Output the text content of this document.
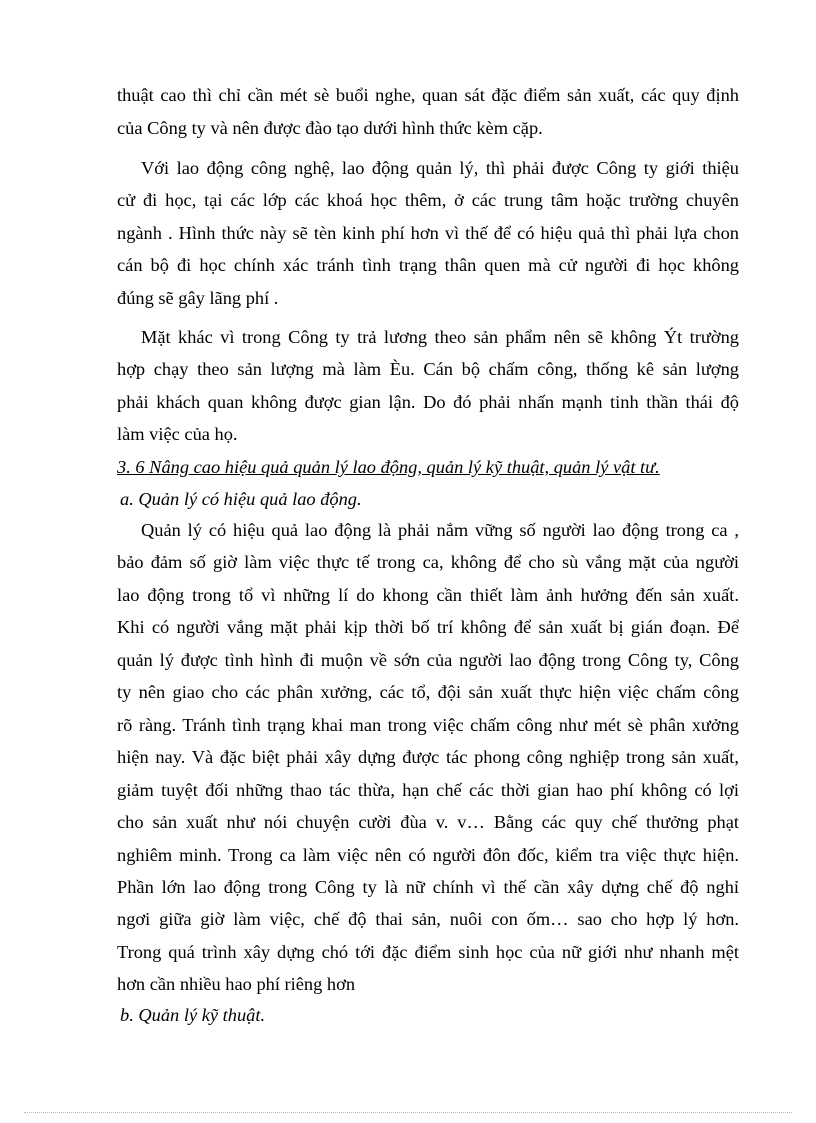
thuật cao thì chỉ cần mét sè buổi nghe, quan sát đặc điểm sản xuất, các quy định
của Công ty và nên được đào tạo dưới hình thức kèm cặp.
Với lao động công nghệ, lao động quản lý, thì phải được Công ty giới thiệu
cử đi học, tại các lớp các khoá học thêm, ở các trung tâm hoặc trường chuyên
ngành . Hình thức này sẽ tèn kinh phí hơn vì thế để có hiệu quả thì phải lựa chon
cán bộ đi học chính xác tránh tình trạng thân quen mà cử người đi học không
đúng sẽ gây lãng phí .
Mặt khác vì trong Công ty trả lương theo sản phẩm nên sẽ không Ýt trường
hợp chạy theo sản lượng mà làm Èu. Cán bộ chấm công, thống kê sản lượng
phải khách quan không được gian lận. Do đó phải nhấn mạnh tinh thần thái độ
làm việc của họ.
3. 6 Nâng cao hiệu quả quản lý lao động, quản lý kỹ thuật, quản lý vật tư.
a. Quản lý có hiệu quả lao động.
Quản lý có hiệu quả lao động là phải nắm vững số người lao động trong ca ,
bảo đảm số giờ làm việc thực tế trong ca, không để cho sù vắng mặt của người
lao động trong tổ vì những lí do khong cần thiết làm ảnh hưởng đến sản xuất.
Khi có người vắng mặt phải kịp thời bố trí không để sản xuất bị gián đoạn. Để
quản lý được tình hình đi muộn về sớn của người lao động trong Công ty, Công
ty nên giao cho các phân xưởng, các tổ, đội sản xuất thực hiện việc chấm công
rõ ràng. Tránh tình trạng khai man trong việc chấm công như mét sè phân xưởng
hiện nay. Và đặc biệt phải xây dựng được tác phong công nghiệp trong sản xuất,
giảm tuyệt đối những thao tác thừa, hạn chế các thời gian hao phí không có lợi
cho sản xuất như nói chuyện cười đùa v. v… Bằng các quy chế thưởng phạt
nghiêm minh. Trong ca làm việc nên có người đôn đốc, kiểm tra việc thực hiện.
Phần lớn lao động trong Công ty là nữ chính vì thế cần xây dựng chế độ nghỉ
ngơi giữa giờ làm việc, chế độ thai sản, nuôi con ốm… sao cho hợp lý hơn.
Trong quá trình xây dựng chó tới đặc điểm sinh học của nữ giới như nhanh mệt
hơn cần nhiều hao phí riêng hơn
b. Quản lý kỹ thuật.
